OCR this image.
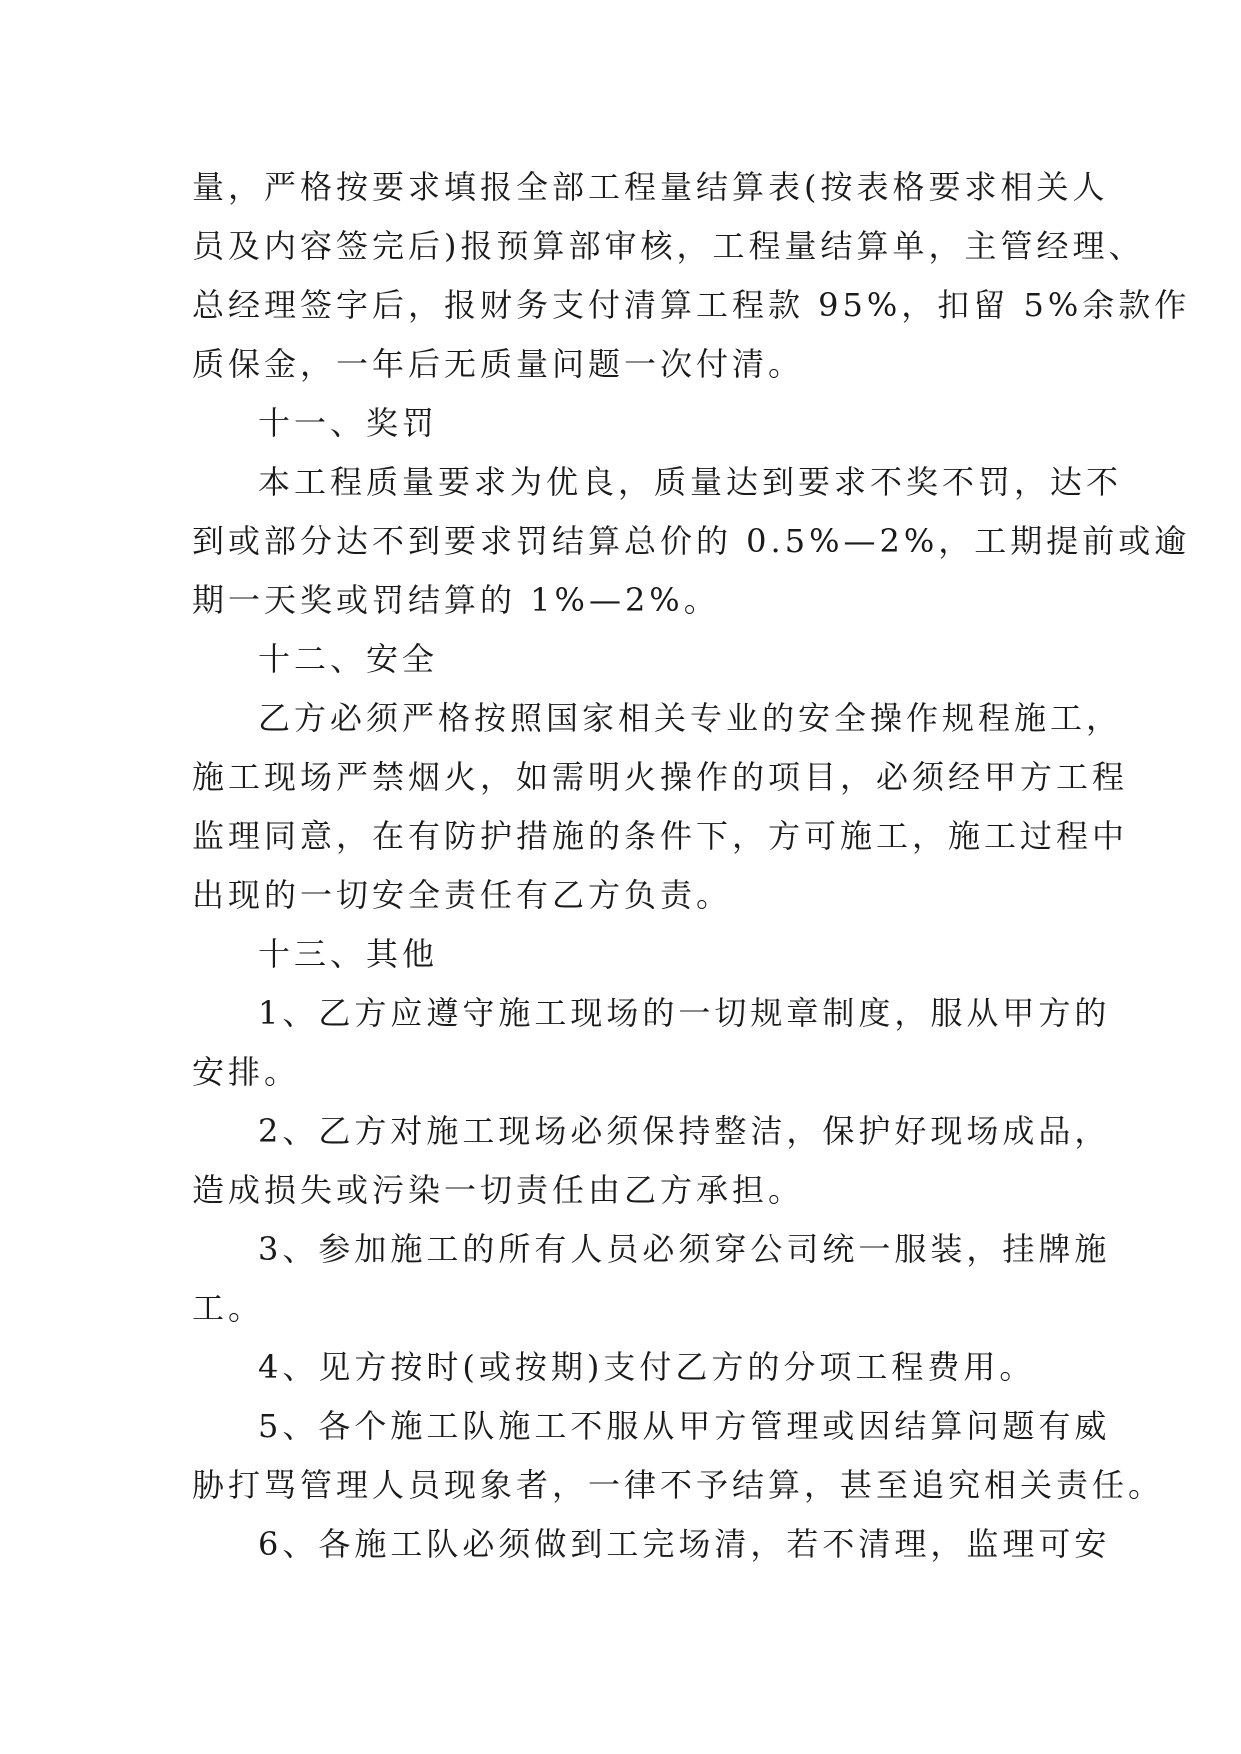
量，严格按要求填报全部工程量结算表(按表格要求相关人
员及内容签完后)报预算部审核，工程量结算单，主管经理、
总经理签字后，报财务支付清算工程款 95%，扣留 5%余款作
质保金，一年后无质量问题一次付清。
十一、奖罚
本工程质量要求为优良，质量达到要求不奖不罚，达不
到或部分达不到要求罚结算总价的 0.5%—2%，工期提前或逾
期一天奖或罚结算的 1%—2%。
十二、安全
乙方必须严格按照国家相关专业的安全操作规程施工，
施工现场严禁烟火，如需明火操作的项目，必须经甲方工程
监理同意，在有防护措施的条件下，方可施工，施工过程中
出现的一切安全责任有乙方负责。
十三、其他
1、乙方应遵守施工现场的一切规章制度，服从甲方的
安排。
2、乙方对施工现场必须保持整洁，保护好现场成品，
造成损失或污染一切责任由乙方承担。
3、参加施工的所有人员必须穿公司统一服装，挂牌施
工。
4、见方按时(或按期)支付乙方的分项工程费用。
5、各个施工队施工不服从甲方管理或因结算问题有威
胁打骂管理人员现象者，一律不予结算，甚至追究相关责任。
6、各施工队必须做到工完场清，若不清理，监理可安
